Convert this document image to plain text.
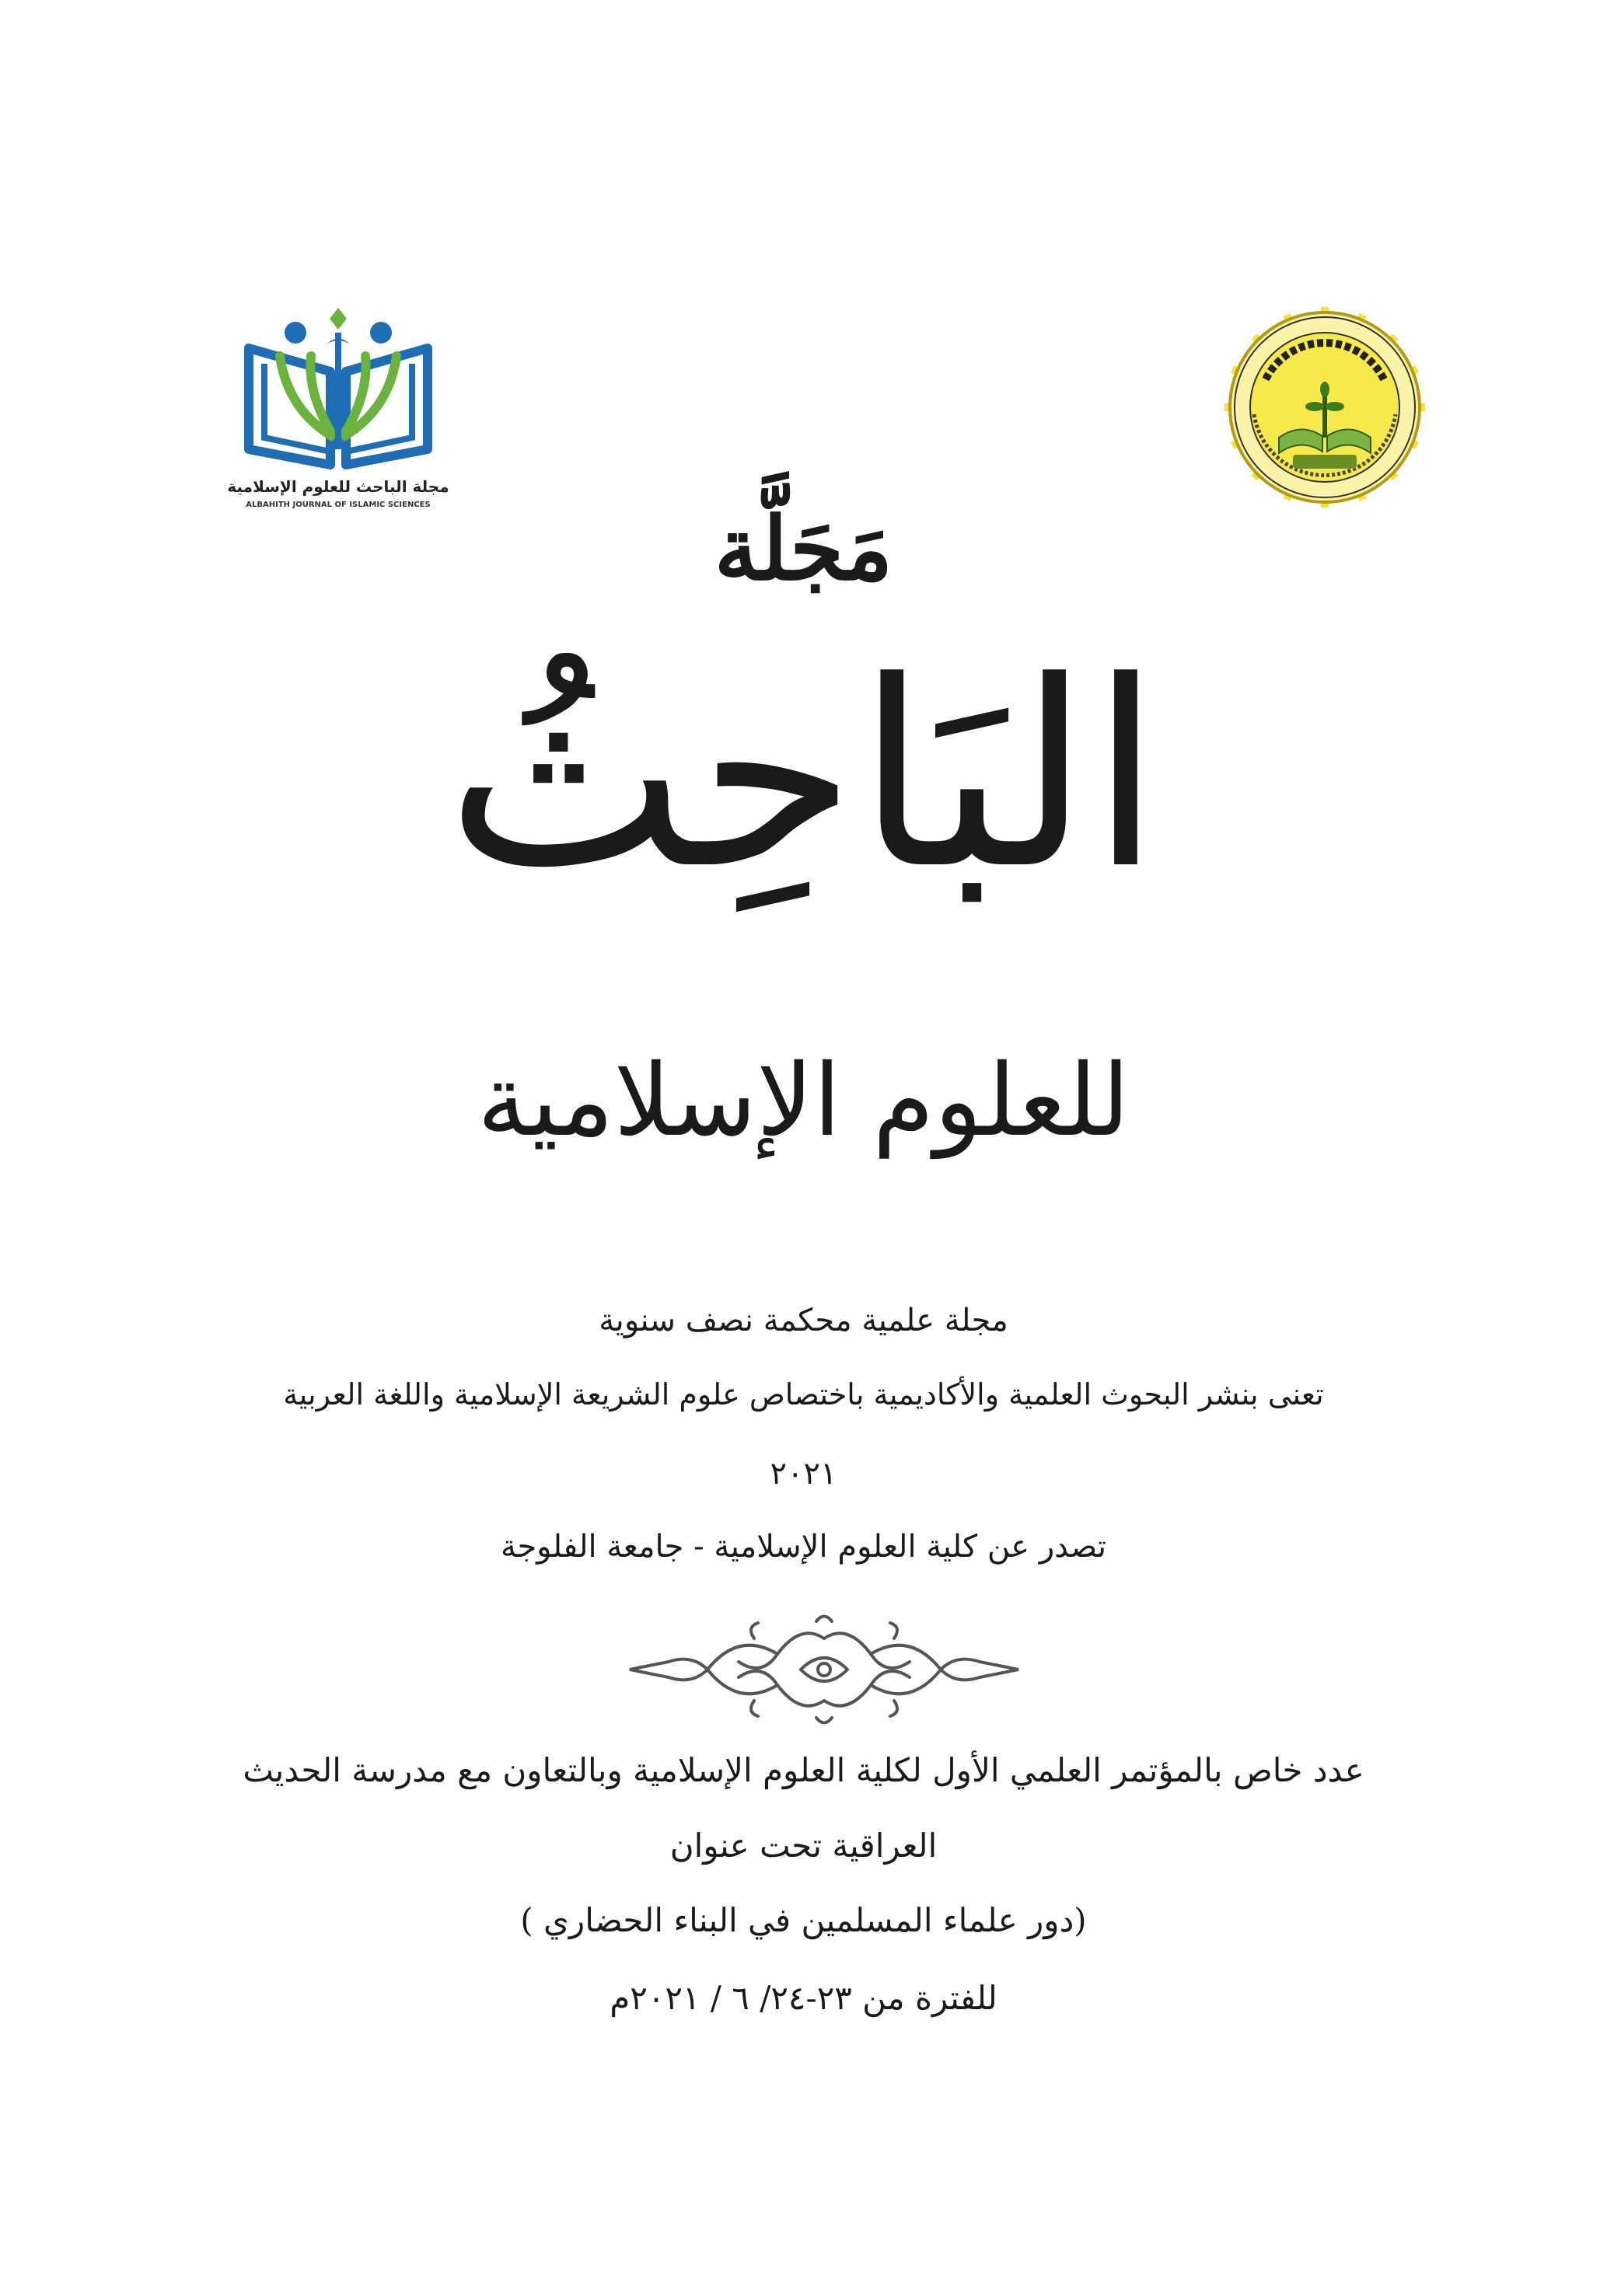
مجلة الباحث للعلوم الإسلامية
ALBAHITH JOURNAL OF ISLAMIC SCIENCES	مَجَلَّة
البَاحِثُ
للعلوم الإسلامية
مجلة علمية محكمة نصف سنوية
تعنى بنشر البحوث العلمية والأكاديمية باختصاص علوم الشريعة الإسلامية واللغة العربية
٢٠٢١
تصدر عن كلية العلوم الإسلامية - جامعة الفلوجة
عدد خاص بالمؤتمر العلمي الأول لكلية العلوم الإسلامية وبالتعاون مع مدرسة الحديث
العراقية تحت عنوان
(دور علماء المسلمين في البناء الحضاري )
للفترة من ٢٣-٢٤/ ٦ / ٢٠٢١م
